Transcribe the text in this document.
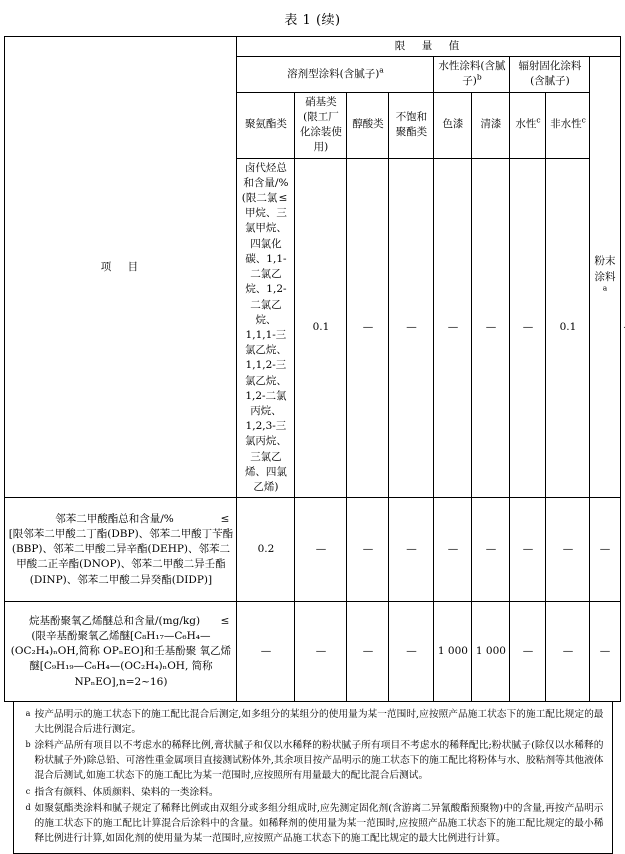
表 1 (续)
项　目	限　量　值									
	溶剂型涂料(含腻子)$^a$				水性涂料(含腻子)$^b$		辐射固化涂料(含腻子)		粉末涂料$^a$
	聚氨酯类	硝基类(限工厂化涂装使用)	醇酸类	不饱和聚酯类	色漆	清漆	水性$^c$	非水性$^c$

	卤代烃总和含量/%
≤
(限二氯甲烷、三氯甲烷、四氯化碳、1,1-二氯乙烷、1,2-二氯乙烷、1,1,1-三氯乙烷、1,1,2-三氯乙烷、1,2-二氯丙烷、1,2,3-三氯丙烷、三氯乙烯、四氯乙烯)	0.1	—	—	—	—	—	0.1		

邻苯二甲酸酯总和含量/% ≤
[限邻苯二甲酸二丁酯(DBP)、邻苯二甲酸丁苄酯(BBP)、邻苯二甲酸二异辛酯(DEHP)、邻苯二甲酸二正辛酯(DNOP)、邻苯二甲酸二异壬酯(DINP)、邻苯二甲酸二异癸酯(DIDP)]	0.2	—	—	—	—	—	—	—	—	

烷基酚聚氧乙烯醚总和含量/(mg/kg) ≤
(限辛基酚聚氧乙烯醚[C₈H₁₇—C₆H₄— (OC₂H₄)ₙOH,简称 OPₙEO]和壬基酚聚 氧乙烯醚[C₉H₁₉—C₆H₄—(OC₂H₄)ₙOH, 简称 NPₙEO],n=2~16)	—	—	—	—	1 000	1 000	—	—	—	
a 按产品明示的施工状态下的施工配比混合后测定,如多组分的某组分的使用量为某一范围时,应按照产品施工状态下的施工配比规定的最大比例混合后进行测定。
b 涂料产品所有项目以不考虑水的稀释比例,膏状腻子和仅以水稀释的粉状腻子所有项目不考虑水的稀释配比;粉状腻子(除仅以水稀释的粉状腻子外)除总铅、可溶性重金属项目直接测试粉体外,其余项目按产品明示的施工状态下的施工配比将粉体与水、胶粘剂等其他液体混合后测试,如施工状态下的施工配比为某一范围时,应按照所有用量最大的配比混合后测试。
c 指含有颜料、体质颜料、染料的一类涂料。
d 如聚氨酯类涂料和腻子规定了稀释比例或由双组分或多组分组成时,应先测定固化剂(含游离二异氰酸酯预聚物)中的含量,再按产品明示的施工状态下的施工配比计算混合后涂料中的含量。如稀释剂的使用量为某一范围时,应按照产品施工状态下的施工配比规定的最小稀释比例进行计算,如固化剂的使用量为某一范围时,应按照产品施工状态下的施工配比规定的最大比例进行计算。
